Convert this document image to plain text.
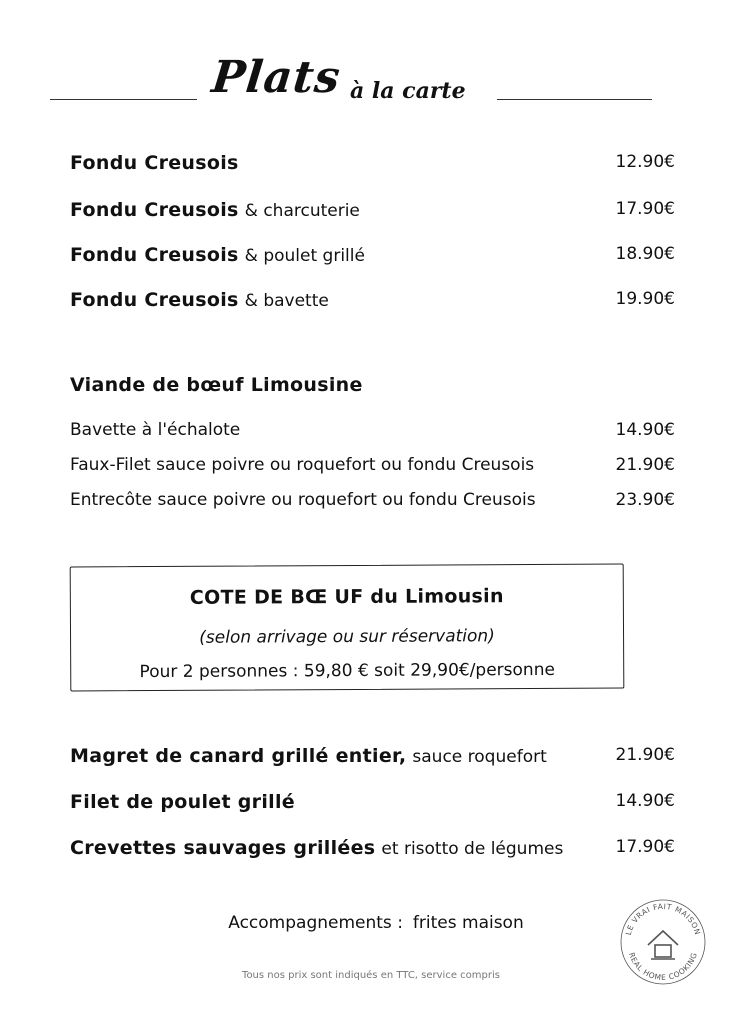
Plats à la carte
Fondu Creusois	12.90€
Fondu Creusois & charcuterie	17.90€
Fondu Creusois & poulet grillé	18.90€
Fondu Creusois & bavette	19.90€
Viande de bœuf Limousine
Bavette à l'échalote	14.90€
Faux-Filet sauce poivre ou roquefort ou fondu Creusois	21.90€
Entrecôte sauce poivre ou roquefort ou fondu Creusois	23.90€
COTE DE BŒ UF du Limousin
(selon arrivage ou sur réservation)
Pour 2 personnes : 59,80 € soit 29,90€/personne
Magret de canard grillé entier, sauce roquefort	21.90€
Filet de poulet grillé	14.90€
Crevettes sauvages grillées et risotto de légumes	17.90€
Accompagnements : frites maison
Tous nos prix sont indiqués en TTC, service compris
LE VRAI FAIT MAISON
REAL HOME COOKING
